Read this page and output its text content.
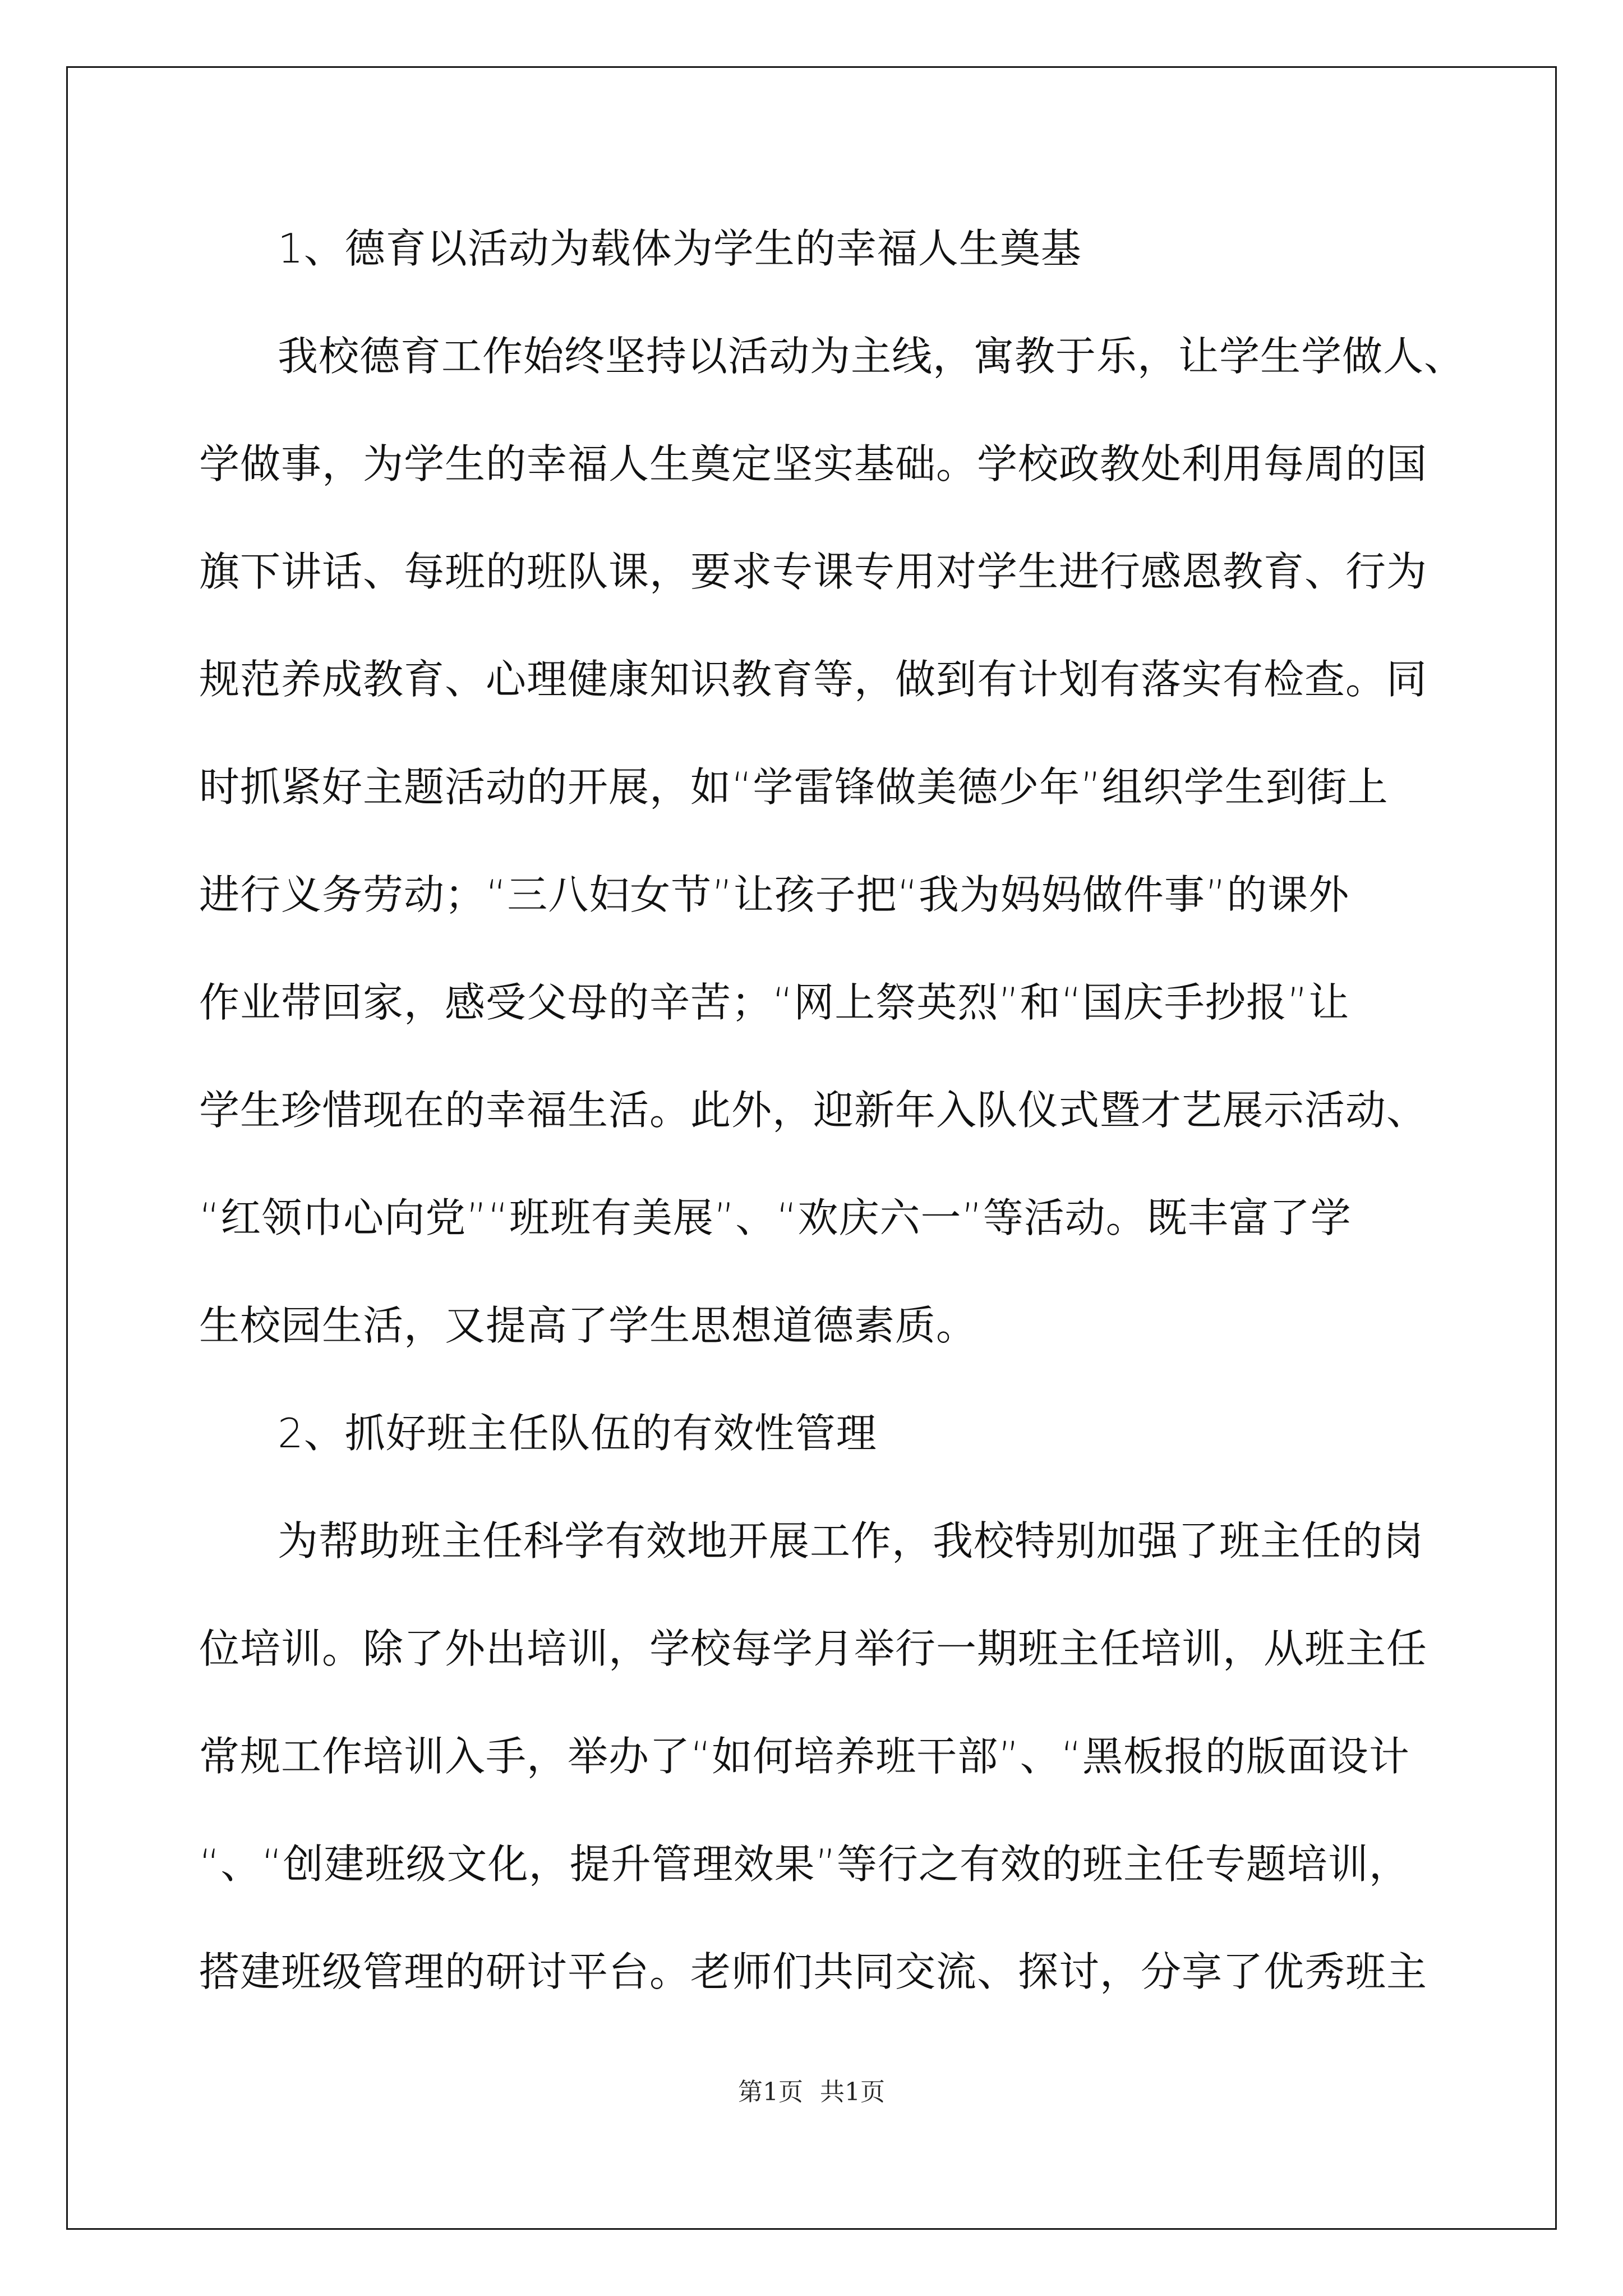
1、德育以活动为载体为学生的幸福人生奠基
我校德育工作始终坚持以活动为主线，寓教于乐，让学生学做人、
学做事，为学生的幸福人生奠定坚实基础。学校政教处利用每周的国
旗下讲话、每班的班队课，要求专课专用对学生进行感恩教育、行为
规范养成教育、心理健康知识教育等，做到有计划有落实有检查。同
时抓紧好主题活动的开展，如“学雷锋做美德少年”组织学生到街上
进行义务劳动；“三八妇女节”让孩子把“我为妈妈做件事”的课外
作业带回家，感受父母的辛苦；“网上祭英烈”和“国庆手抄报”让
学生珍惜现在的幸福生活。此外，迎新年入队仪式暨才艺展示活动、
“红领巾心向党”“班班有美展”、“欢庆六一”等活动。既丰富了学
生校园生活，又提高了学生思想道德素质。
2、抓好班主任队伍的有效性管理
为帮助班主任科学有效地开展工作，我校特别加强了班主任的岗
位培训。除了外出培训，学校每学月举行一期班主任培训，从班主任
常规工作培训入手，举办了“如何培养班干部”、“黑板报的版面设计
“、“创建班级文化，提升管理效果”等行之有效的班主任专题培训，
搭建班级管理的研讨平台。老师们共同交流、探讨，分享了优秀班主
第1页 共1页
